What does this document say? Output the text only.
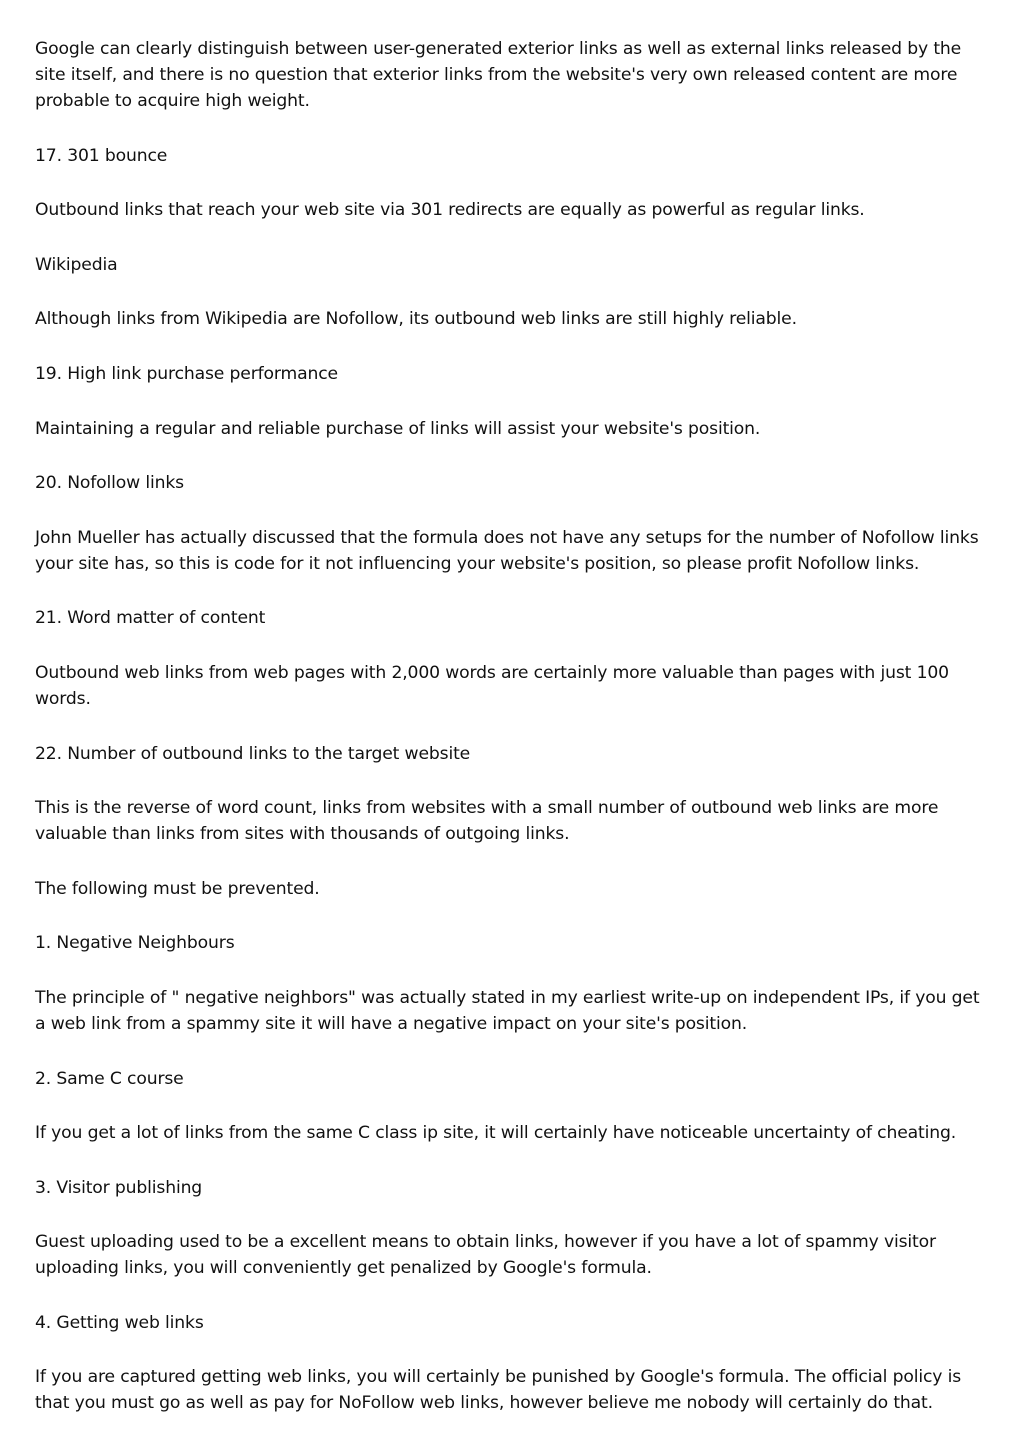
Google can clearly distinguish between user-generated exterior links as well as external links released by the site itself, and there is no question that exterior links from the website's very own released content are more probable to acquire high weight.

17. 301 bounce

Outbound links that reach your web site via 301 redirects are equally as powerful as regular links.

Wikipedia

Although links from Wikipedia are Nofollow, its outbound web links are still highly reliable.

19. High link purchase performance

Maintaining a regular and reliable purchase of links will assist your website's position.

20. Nofollow links

John Mueller has actually discussed that the formula does not have any setups for the number of Nofollow links your site has, so this is code for it not influencing your website's position, so please profit Nofollow links.

21. Word matter of content

Outbound web links from web pages with 2,000 words are certainly more valuable than pages with just 100 words.

22. Number of outbound links to the target website

This is the reverse of word count, links from websites with a small number of outbound web links are more valuable than links from sites with thousands of outgoing links.

The following must be prevented.

1. Negative Neighbours

The principle of " negative neighbors" was actually stated in my earliest write-up on independent IPs, if you get a web link from a spammy site it will have a negative impact on your site's position.

2. Same C course

If you get a lot of links from the same C class ip site, it will certainly have noticeable uncertainty of cheating.

3. Visitor publishing

Guest uploading used to be a excellent means to obtain links, however if you have a lot of spammy visitor uploading links, you will conveniently get penalized by Google's formula.

4. Getting web links

If you are captured getting web links, you will certainly be punished by Google's formula. The official policy is that you must go as well as pay for NoFollow web links, however believe me nobody will certainly do that.
